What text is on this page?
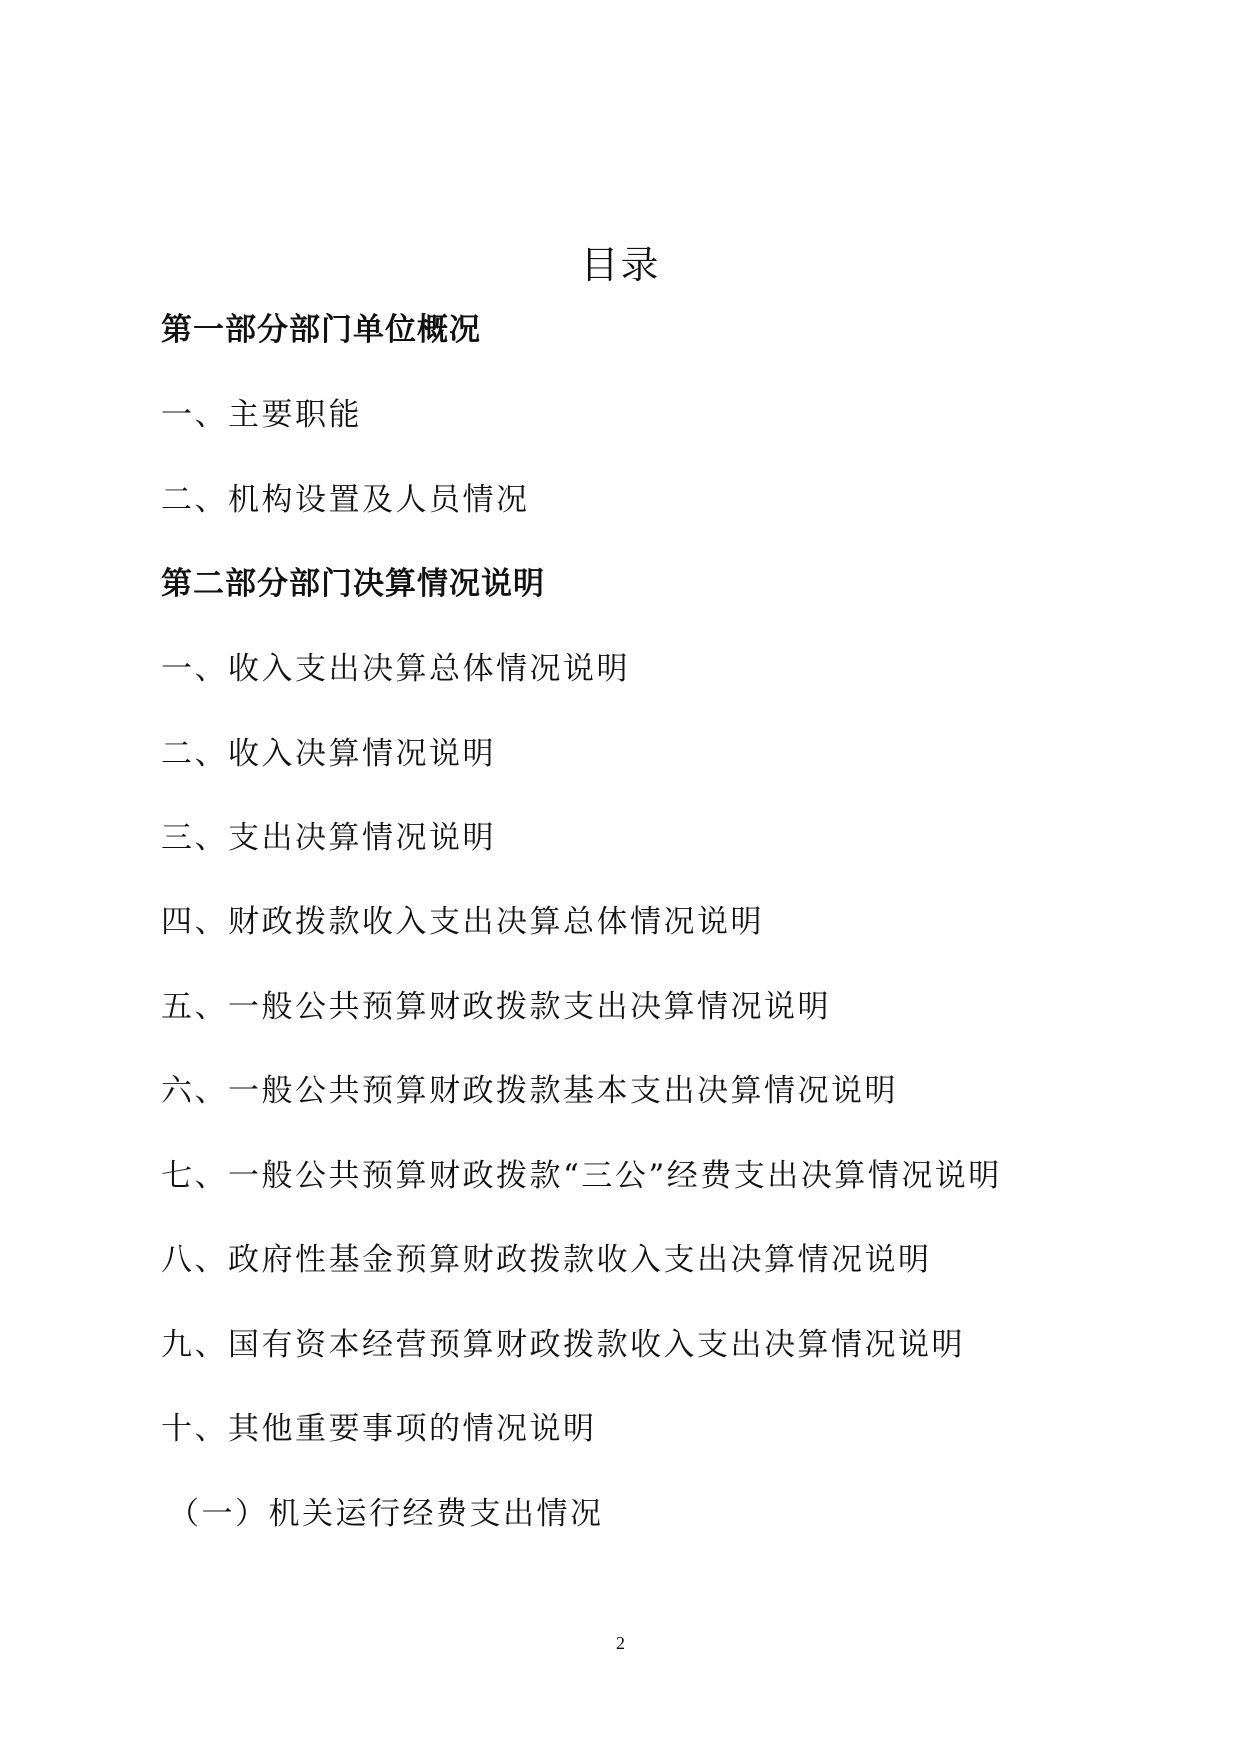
目录
第一部分部门单位概况
一、主要职能
二、机构设置及人员情况
第二部分部门决算情况说明
一、收入支出决算总体情况说明
二、收入决算情况说明
三、支出决算情况说明
四、财政拨款收入支出决算总体情况说明
五、一般公共预算财政拨款支出决算情况说明
六、一般公共预算财政拨款基本支出决算情况说明
七、一般公共预算财政拨款“三公”经费支出决算情况说明
八、政府性基金预算财政拨款收入支出决算情况说明
九、国有资本经营预算财政拨款收入支出决算情况说明
十、其他重要事项的情况说明
（一）机关运行经费支出情况
2
